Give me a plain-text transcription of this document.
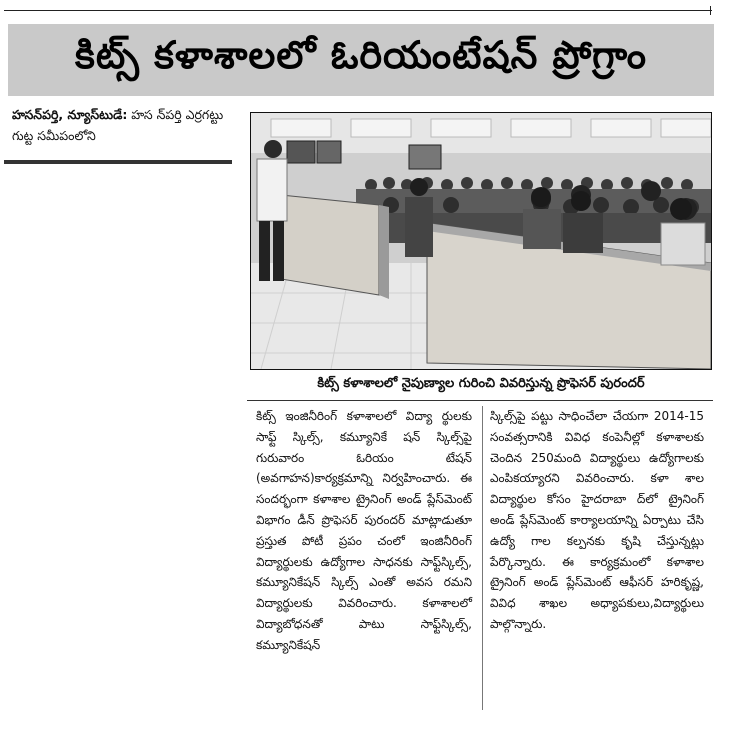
కిట్స్ కళాశాలలో ఓరియంటేషన్ ప్రోగ్రాం
హసన్‌పర్తి, న్యూస్‌టుడే: హస న్‌పర్తి ఎర్రగట్టు గుట్ట సమీపంలోని
కిట్స్ కళాశాలలో నైపుణ్యాల గురించి వివరిస్తున్న ప్రొఫెసర్ పురందర్

కిట్స్ ఇంజినీరింగ్ కళాశాలలో విద్యా ర్థులకు సాఫ్ట్ స్కిల్స్, కమ్యూనికే షన్ స్కిల్స్‌పై గురువారం ఓరియం టేషన్ (అవగాహన)కార్యక్రమాన్ని నిర్వహించారు. ఈ సందర్భంగా కళాశాల ట్రైనింగ్ అండ్ ప్లేస్‌మెంట్ విభాగం డీన్ ప్రొఫెసర్ పురందర్ మాట్లాడుతూ ప్రస్తుత పోటీ ప్రపం చంలో ఇంజినీరింగ్ విద్యార్థులకు ఉద్యోగాల సాధనకు సాఫ్ట్‌స్కిల్స్, కమ్యూనికేషన్ స్కిల్స్ ఎంతో అవస రమని విద్యార్థులకు వివరించారు. కళాశాలలో విద్యాబోధనతో పాటు సాఫ్ట్‌స్కిల్స్, కమ్యూనికేషన్

స్కిల్స్‌పై పట్టు సాధించేలా చేయగా 2014-15 సంవత్సరానికి వివిధ కంపెనీల్లో కళాశాలకు చెందిన 250మంది విద్యార్థులు ఉద్యోగాలకు ఎంపికయ్యారని వివరించారు. కళా శాల విద్యార్థుల కోసం హైదరాబా ద్‌లో ట్రైనింగ్ అండ్ ప్లేస్‌మెంట్ కార్యాలయాన్ని ఏర్పాటు చేసి ఉద్యో గాల కల్పనకు కృషి చేస్తున్నట్లు పేర్కొన్నారు. ఈ కార్యక్రమంలో కళాశాల ట్రైనింగ్ అండ్ ప్లేస్‌మెంట్ ఆఫీసర్ హరికృష్ణ, వివిధ శాఖల అధ్యాపకులు,విద్యార్థులు పాల్గొన్నారు.
